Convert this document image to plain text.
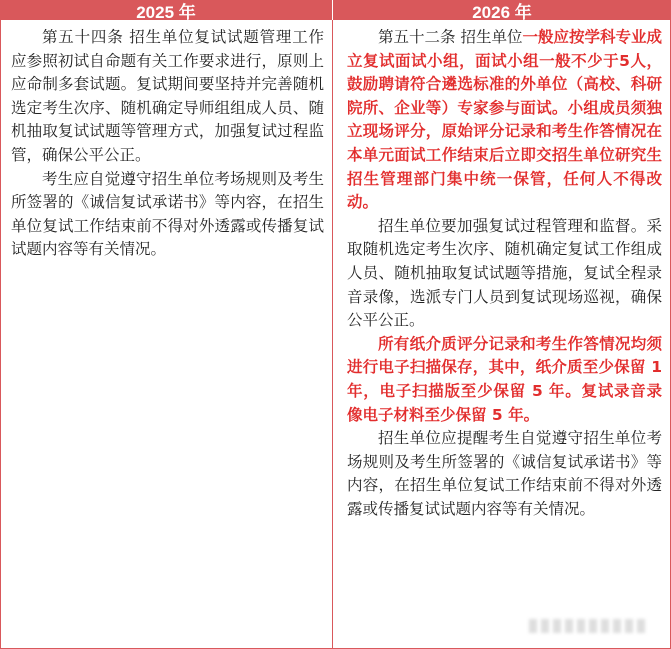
2025 年	2026 年

第五十四条 招生单位复试试题管理工作应参照初试自命题有关工作要求进行，原则上应命制多套试题。复试期间要坚持并完善随机选定考生次序、随机确定导师组组成人员、随机抽取复试试题等管理方式，加强复试过程监管，确保公平公正。

考生应自觉遵守招生单位考场规则及考生所签署的《诚信复试承诺书》等内容，在招生单位复试工作结束前不得对外透露或传播复试试题内容等有关情况。

第五十二条 招生单位一般应按学科专业成立复试面试小组，面试小组一般不少于5人，鼓励聘请符合遴选标准的外单位（高校、科研院所、企业等）专家参与面试。小组成员须独立现场评分，原始评分记录和考生作答情况在本单元面试工作结束后立即交招生单位研究生招生管理部门集中统一保管，任何人不得改动。

招生单位要加强复试过程管理和监督。采取随机选定考生次序、随机确定复试工作组成人员、随机抽取复试试题等措施，复试全程录音录像，选派专门人员到复试现场巡视，确保公平公正。

所有纸介质评分记录和考生作答情况均须进行电子扫描保存，其中，纸介质至少保留 1 年，电子扫描版至少保留 5 年。复试录音录像电子材料至少保留 5 年。

招生单位应提醒考生自觉遵守招生单位考场规则及考生所签署的《诚信复试承诺书》等内容，在招生单位复试工作结束前不得对外透露或传播复试试题内容等有关情况。
